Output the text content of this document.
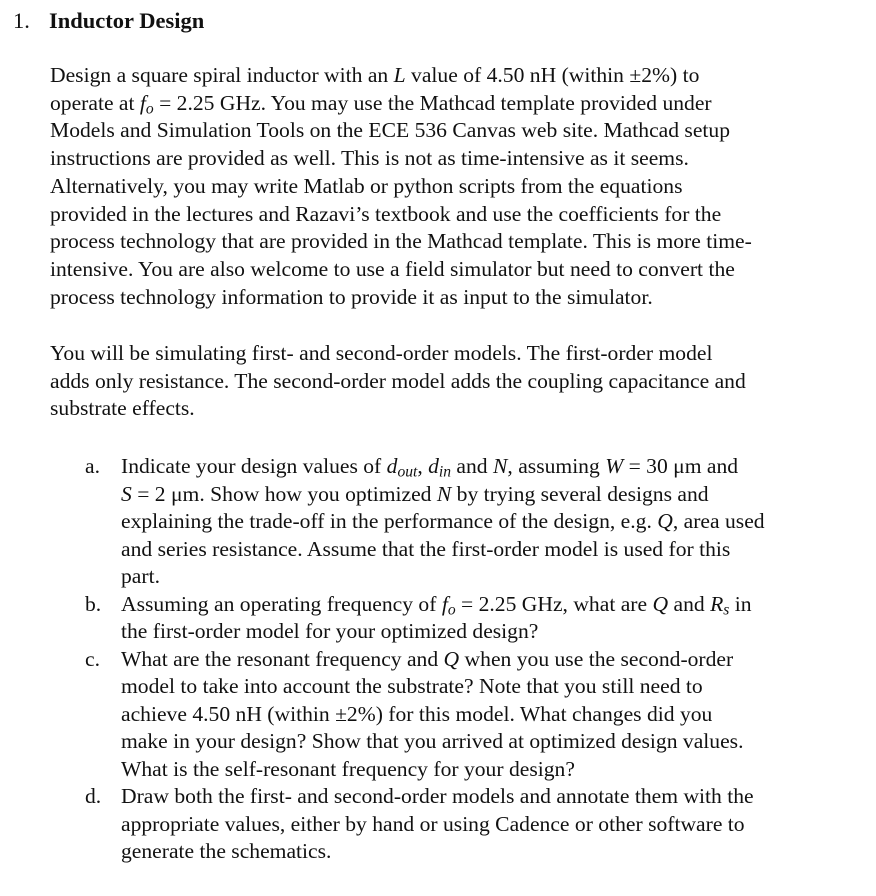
1. Inductor Design
Design a square spiral inductor with an L value of 4.50 nH (within ±2%) to
operate at $f_o = 2.25$ GHz. You may use the Mathcad template provided under
Models and Simulation Tools on the ECE 536 Canvas web site. Mathcad setup
instructions are provided as well. This is not as time-intensive as it seems.
Alternatively, you may write Matlab or python scripts from the equations
provided in the lectures and Razavi’s textbook and use the coefficients for the
process technology that are provided in the Mathcad template. This is more time-
intensive. You are also welcome to use a field simulator but need to convert the
process technology information to provide it as input to the simulator.
You will be simulating first- and second-order models. The first-order model
adds only resistance. The second-order model adds the coupling capacitance and
substrate effects.
a. Indicate your design values of $d_{out}$, $d_{in}$ and N, assuming W = 30 μm and
S = 2 μm. Show how you optimized N by trying several designs and
explaining the trade-off in the performance of the design, e.g. Q, area used
and series resistance. Assume that the first-order model is used for this
part.
b. Assuming an operating frequency of $f_o = 2.25$ GHz, what are Q and $R_s$ in
the first-order model for your optimized design?
c. What are the resonant frequency and Q when you use the second-order
model to take into account the substrate? Note that you still need to
achieve 4.50 nH (within ±2%) for this model. What changes did you
make in your design? Show that you arrived at optimized design values.
What is the self-resonant frequency for your design?
d. Draw both the first- and second-order models and annotate them with the
appropriate values, either by hand or using Cadence or other software to
generate the schematics.
